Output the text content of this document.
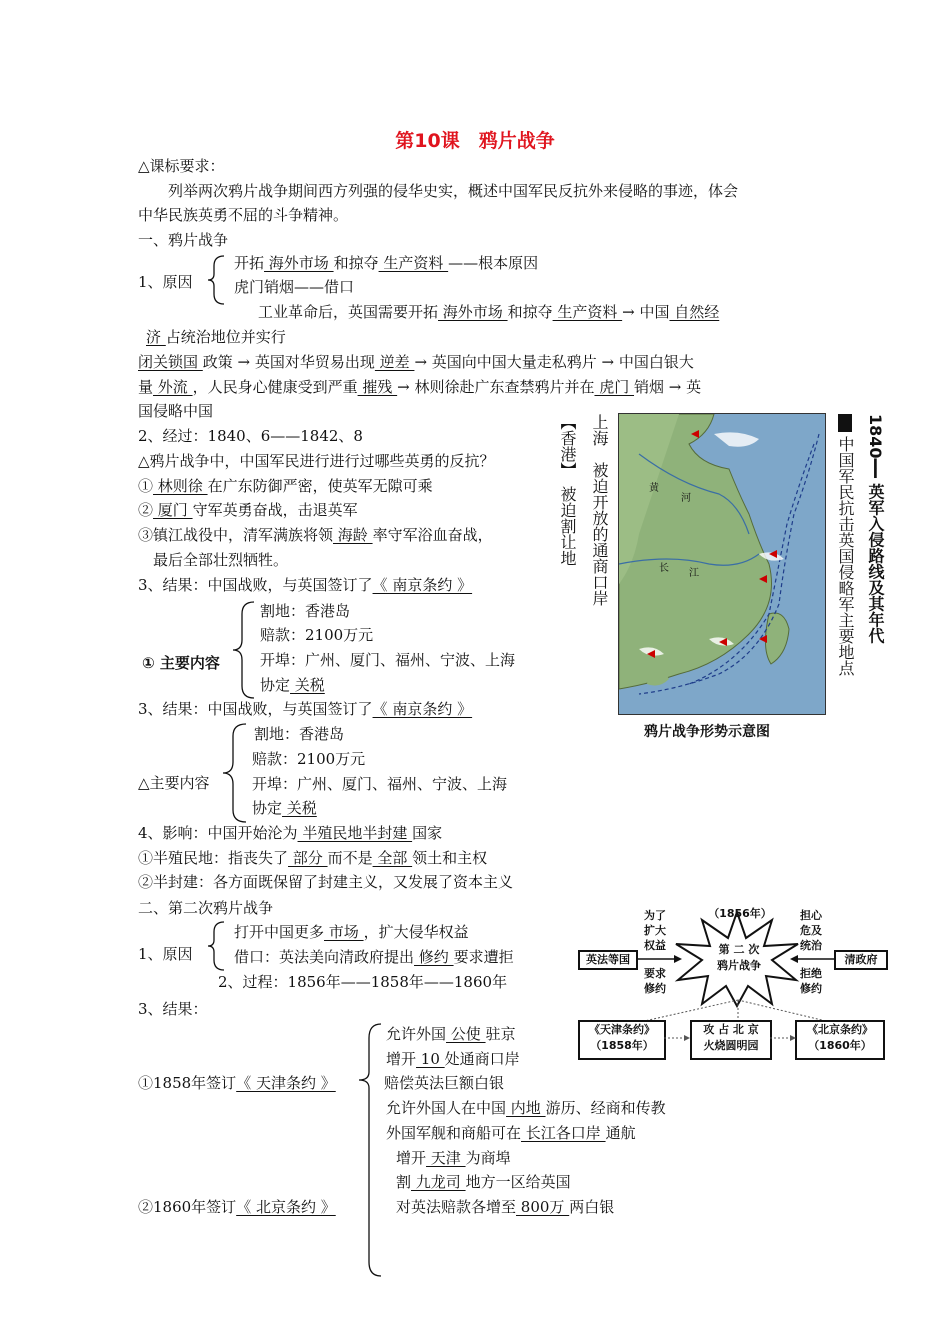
第10课　鸦片战争
△课标要求：
列举两次鸦片战争期间西方列强的侵华史实，概述中国军民反抗外来侵略的事迹，体会
中华民族英勇不屈的斗争精神。
一、鸦片战争
1、原因
开拓 海外市场 和掠夺 生产资料 ——根本原因
虎门销烟——借口
工业革命后，英国需要开拓 海外市场 和掠夺 生产资料 → 中国 自然经
济 占统治地位并实行
闭关锁国 政策 → 英国对华贸易出现 逆差 → 英国向中国大量走私鸦片 → 中国白银大
量 外流 ，人民身心健康受到严重 摧残 → 林则徐赴广东查禁鸦片并在 虎门 销烟 → 英
国侵略中国
2、经过：1840、6——1842、8
△鸦片战争中，中国军民进行进行过哪些英勇的反抗？
① 林则徐 在广东防御严密，使英军无隙可乘
② 厦门 守军英勇奋战，击退英军
③镇江战役中，清军满族将领 海龄 率守军浴血奋战，
最后全部壮烈牺牲。
3、结果：中国战败，与英国签订了《 南京条约 》
① 主要内容
割地：香港岛
赔款：2100万元
开埠：广州、厦门、福州、宁波、上海
协定 关税
3、结果：中国战败，与英国签订了《 南京条约 》
△主要内容
割地：香港岛
赔款：2100万元
开埠：广州、厦门、福州、宁波、上海
协定 关税
4、影响：中国开始沦为 半殖民地半封建 国家
①半殖民地：指丧失了 部分 而不是 全部 领土和主权
②半封建：各方面既保留了封建主义，又发展了资本主义
黄
河
长 江
鸦片战争形势示意图
上海　被迫开放的通商口岸
【香港】　被迫割让地	1840━━ 英军入侵路线及其年代
中国军民抗击英国侵略军主要地点
二、第二次鸦片战争
1、原因
打开中国更多 市场 ，扩大侵华权益
借口：英法美向清政府提出 修约 要求遭拒
2、过程：1856年——1858年——1860年
3、结果：
①1858年签订《 天津条约 》
允许外国 公使 驻京
增开 10 处通商口岸
赔偿英法巨额白银
允许外国人在中国 内地 游历、经商和传教
外国军舰和商船可在 长江各口岸 通航
增开 天津 为商埠
割 九龙司 地方一区给英国
②1860年签订《 北京条约 》	对英法赔款各增至 800万 两白银
（1856年）
第 二 次
鸦片战争
为了
扩大
权益
要求
修约
担心
危及
统治
拒绝
修约
英法等国	清政府
《天津条约》
（1858年）
攻 占 北 京
火烧圆明园
《北京条约》
（1860年）
